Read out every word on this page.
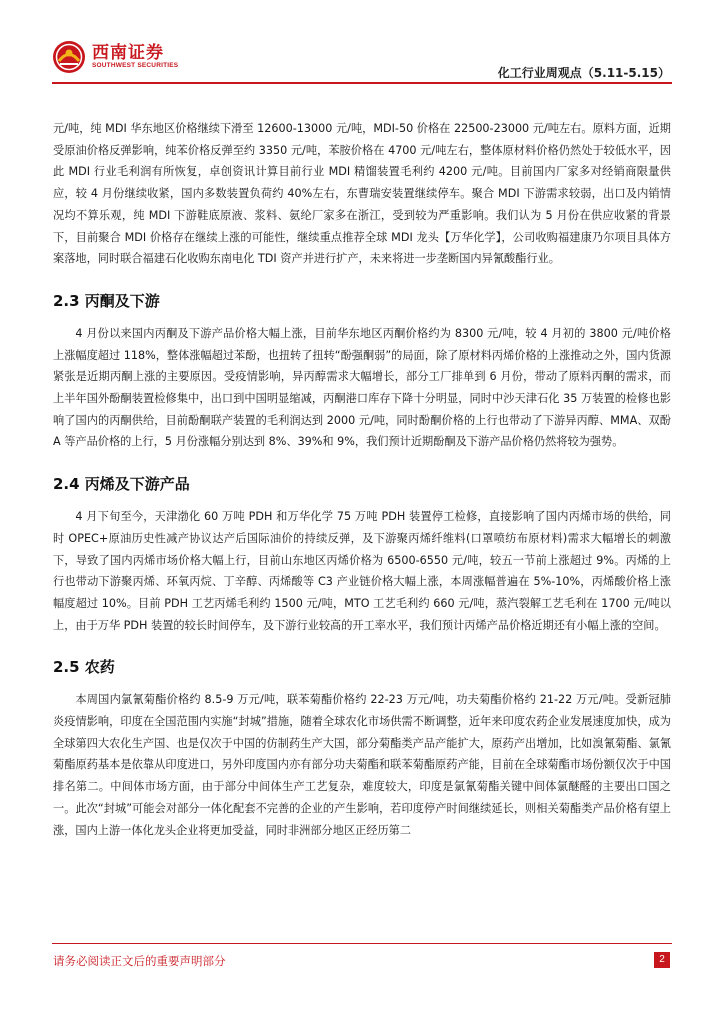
西南证券
SOUTHWEST SECURITIES
化工行业周观点（5.11-5.15）

元/吨，纯 MDI 华东地区价格继续下滑至 12600-13000 元/吨，MDI-50 价格在 22500-23000 元/吨左右。原料方面，近期受原油价格反弹影响，纯苯价格反弹至约 3350 元/吨，苯胺价格在 4700 元/吨左右，整体原材料价格仍然处于较低水平，因此 MDI 行业毛利润有所恢复，卓创资讯计算目前行业 MDI 精馏装置毛利约 4200 元/吨。目前国内厂家多对经销商限量供应，较 4 月份继续收紧，国内多数装置负荷约 40%左右，东曹瑞安装置继续停车。聚合 MDI 下游需求较弱，出口及内销情况均不算乐观，纯 MDI 下游鞋底原液、浆料、氨纶厂家多在浙江，受到较为严重影响。我们认为 5 月份在供应收紧的背景下，目前聚合 MDI 价格存在继续上涨的可能性，继续重点推荐全球 MDI 龙头【万华化学】，公司收购福建康乃尔项目具体方案落地，同时联合福建石化收购东南电化 TDI 资产并进行扩产，未来将进一步垄断国内异氰酸酯行业。

2.3 丙酮及下游

4 月份以来国内丙酮及下游产品价格大幅上涨，目前华东地区丙酮价格约为 8300 元/吨，较 4 月初的 3800 元/吨价格上涨幅度超过 118%，整体涨幅超过苯酚，也扭转了扭转“酚强酮弱”的局面，除了原材料丙烯价格的上涨推动之外，国内货源紧张是近期丙酮上涨的主要原因。受疫情影响，异丙醇需求大幅增长，部分工厂排单到 6 月份，带动了原料丙酮的需求，而上半年国外酚酮装置检修集中，出口到中国明显缩减，丙酮港口库存下降十分明显，同时中沙天津石化 35 万装置的检修也影响了国内的丙酮供给，目前酚酮联产装置的毛利润达到 2000 元/吨，同时酚酮价格的上行也带动了下游异丙醇、MMA、双酚 A 等产品价格的上行，5 月份涨幅分别达到 8%、39%和 9%，我们预计近期酚酮及下游产品价格仍然将较为强势。

2.4 丙烯及下游产品

4 月下旬至今，天津渤化 60 万吨 PDH 和万华化学 75 万吨 PDH 装置停工检修，直接影响了国内丙烯市场的供给，同时 OPEC+原油历史性减产协议达产后国际油价的持续反弹，及下游聚丙烯纤维料(口罩喷纺布原材料)需求大幅增长的刺激下，导致了国内丙烯市场价格大幅上行，目前山东地区丙烯价格为 6500-6550 元/吨，较五一节前上涨超过 9%。丙烯的上行也带动下游聚丙烯、环氧丙烷、丁辛醇、丙烯酸等 C3 产业链价格大幅上涨，本周涨幅普遍在 5%-10%，丙烯酸价格上涨幅度超过 10%。目前 PDH 工艺丙烯毛利约 1500 元/吨，MTO 工艺毛利约 660 元/吨，蒸汽裂解工艺毛利在 1700 元/吨以上，由于万华 PDH 装置的较长时间停车，及下游行业较高的开工率水平，我们预计丙烯产品价格近期还有小幅上涨的空间。

2.5 农药

本周国内氯氰菊酯价格约 8.5-9 万元/吨，联苯菊酯价格约 22-23 万元/吨，功夫菊酯价格约 21-22 万元/吨。受新冠肺炎疫情影响，印度在全国范围内实施“封城”措施，随着全球农化市场供需不断调整，近年来印度农药企业发展速度加快，成为全球第四大农化生产国、也是仅次于中国的仿制药生产大国，部分菊酯类产品产能扩大，原药产出增加，比如溴氰菊酯、氯氰菊酯原药基本是依靠从印度进口，另外印度国内亦有部分功夫菊酯和联苯菊酯原药产能，目前在全球菊酯市场份额仅次于中国排名第二。中间体市场方面，由于部分中间体生产工艺复杂，难度较大，印度是氯氰菊酯关键中间体氯醚醛的主要出口国之一。此次“封城”可能会对部分一体化配套不完善的企业的产生影响，若印度停产时间继续延长，则相关菊酯类产品价格有望上涨，国内上游一体化龙头企业将更加受益，同时非洲部分地区正经历第二

请务必阅读正文后的重要声明部分	2
